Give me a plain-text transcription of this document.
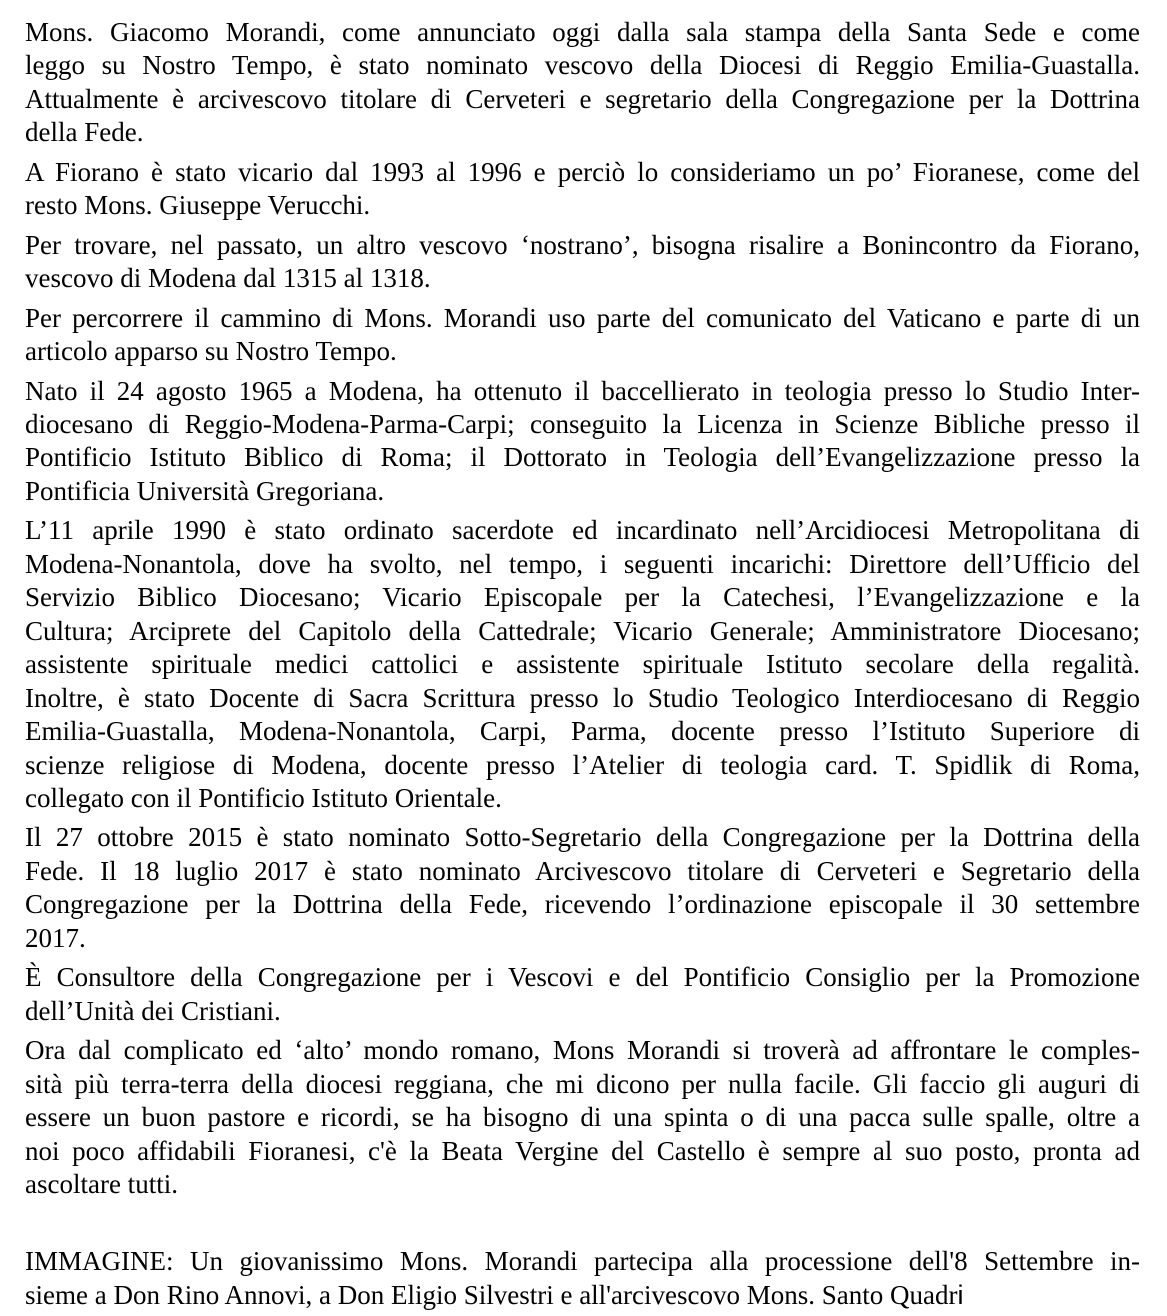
Mons. Giacomo Morandi, come annunciato oggi dalla sala stampa della Santa Sede e come
leggo su Nostro Tempo, è stato nominato vescovo della Diocesi di Reggio Emilia-Guastalla.
Attualmente è arcivescovo titolare di Cerveteri e segretario della Congregazione per la Dottrina
della Fede.

A Fiorano è stato vicario dal 1993 al 1996 e perciò lo consideriamo un po’ Fioranese, come del
resto Mons. Giuseppe Verucchi.

Per trovare, nel passato, un altro vescovo ‘nostrano’, bisogna risalire a Bonincontro da Fiorano,
vescovo di Modena dal 1315 al 1318.

Per percorrere il cammino di Mons. Morandi uso parte del comunicato del Vaticano e parte di un
articolo apparso su Nostro Tempo.

Nato il 24 agosto 1965 a Modena, ha ottenuto il baccellierato in teologia presso lo Studio Inter-
diocesano di Reggio-Modena-Parma-Carpi; conseguito la Licenza in Scienze Bibliche presso il
Pontificio Istituto Biblico di Roma; il Dottorato in Teologia dell’Evangelizzazione presso la
Pontificia Università Gregoriana.

L’11 aprile 1990 è stato ordinato sacerdote ed incardinato nell’Arcidiocesi Metropolitana di
Modena-Nonantola, dove ha svolto, nel tempo, i seguenti incarichi: Direttore dell’Ufficio del
Servizio Biblico Diocesano; Vicario Episcopale per la Catechesi, l’Evangelizzazione e la
Cultura; Arciprete del Capitolo della Cattedrale; Vicario Generale; Amministratore Diocesano;
assistente spirituale medici cattolici e assistente spirituale Istituto secolare della regalità.
Inoltre, è stato Docente di Sacra Scrittura presso lo Studio Teologico Interdiocesano di Reggio
Emilia-Guastalla, Modena-Nonantola, Carpi, Parma, docente presso l’Istituto Superiore di
scienze religiose di Modena, docente presso l’Atelier di teologia card. T. Spidlik di Roma,
collegato con il Pontificio Istituto Orientale.

Il 27 ottobre 2015 è stato nominato Sotto-Segretario della Congregazione per la Dottrina della
Fede. Il 18 luglio 2017 è stato nominato Arcivescovo titolare di Cerveteri e Segretario della
Congregazione per la Dottrina della Fede, ricevendo l’ordinazione episcopale il 30 settembre
2017.

È Consultore della Congregazione per i Vescovi e del Pontificio Consiglio per la Promozione
dell’Unità dei Cristiani.

Ora dal complicato ed ‘alto’ mondo romano, Mons Morandi si troverà ad affrontare le comples-
sità più terra-terra della diocesi reggiana, che mi dicono per nulla facile. Gli faccio gli auguri di
essere un buon pastore e ricordi, se ha bisogno di una spinta o di una pacca sulle spalle, oltre a
noi poco affidabili Fioranesi, c'è la Beata Vergine del Castello è sempre al suo posto, pronta ad
ascoltare tutti.

IMMAGINE: Un giovanissimo Mons. Morandi partecipa alla processione dell'8 Settembre in-
sieme a Don Rino Annovi, a Don Eligio Silvestri e all'arcivescovo Mons. Santo Quadri
